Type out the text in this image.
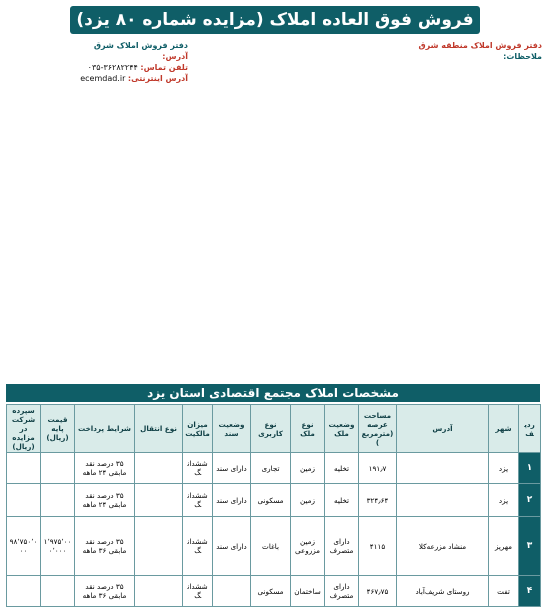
فروش فوق العاده املاک (مزایده شماره ۸۰ یزد)
دفتر فروش املاک منطقه شرق
ملاحظات:
دفتر فروش املاک شرق
آدرس:
تلفن تماس: ۰۳۵-۳۶۲۸۲۲۴۴
آدرس اینترنتی: ecemdad.ir
مشخصات املاک مجتمع اقتصادی استان یزد
ردیف	شهر	آدرس	مساحت عرصه (مترمربع)	وضعیت ملک	نوع ملک	نوع کاربری	وضعیت سند	میزان مالکیت	نوع انتقال	شرایط پرداخت	قیمت پایه (ریال)	سپرده شرکت در مزایده (ریال)
۱	یزد		۱۹۱٫۷	تخلیه	زمین	تجاری	دارای سند	ششدانگ		۳۵ درصد نقد مابقی ۲۴ ماهه		
۲	یزد		۳۲۴٫۶۴	تخلیه	زمین	مسکونی	دارای سند	ششدانگ		۳۵ درصد نقد مابقی ۲۴ ماهه		
۳	مهریز	منشاد مزرعه‌کلا	۴۱۱۵	دارای متصرف	زمین مزروعی	باغات	دارای سند	ششدانگ		۳۵ درصد نقد مابقی ۳۶ ماهه	۱٬۹۷۵٬۰۰۰٬۰۰۰	۹۸٬۷۵۰٬۰۰۰
۴	تفت	روستای شریف‌آباد	۴۶۷٫۷۵	دارای متصرف	ساختمان	مسکونی		ششدانگ		۳۵ درصد نقد مابقی ۳۶ ماهه		
